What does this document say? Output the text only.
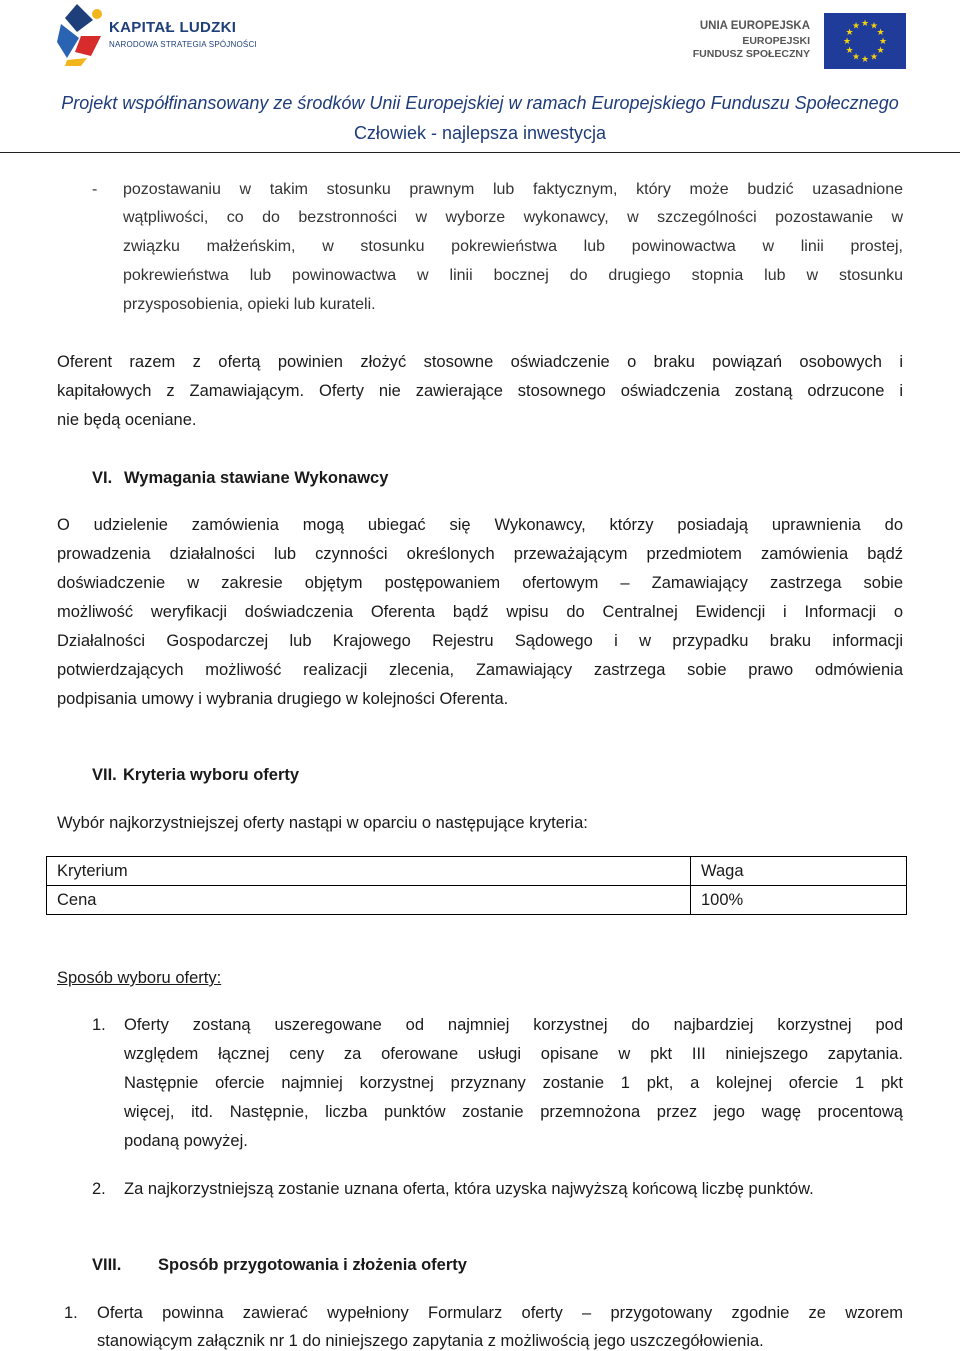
KAPITAŁ LUDZKI
NARODOWA STRATEGIA SPÓJNOŚCI
UNIA EUROPEJSKA
EUROPEJSKI
FUNDUSZ SPOŁECZNY
★ ★
★
★
★
★
★
★
★
★
★
★
Projekt współfinansowany ze środków Unii Europejskiej w ramach Europejskiego Funduszu Społecznego
Człowiek - najlepsza inwestycja
- pozostawaniu w takim stosunku prawnym lub faktycznym, który może budzić uzasadnione
wątpliwości, co do bezstronności w wyborze wykonawcy, w szczególności pozostawanie w
związku małżeńskim, w stosunku pokrewieństwa lub powinowactwa w linii prostej,
pokrewieństwa lub powinowactwa w linii bocznej do drugiego stopnia lub w stosunku
przysposobienia, opieki lub kurateli.
Oferent razem z ofertą powinien złożyć stosowne oświadczenie o braku powiązań osobowych i
kapitałowych z Zamawiającym. Oferty nie zawierające stosownego oświadczenia zostaną odrzucone i
nie będą oceniane.
VI. Wymagania stawiane Wykonawcy
O udzielenie zamówienia mogą ubiegać się Wykonawcy, którzy posiadają uprawnienia do
prowadzenia działalności lub czynności określonych przeważającym przedmiotem zamówienia bądź
doświadczenie w zakresie objętym postępowaniem ofertowym – Zamawiający zastrzega sobie
możliwość weryfikacji doświadczenia Oferenta bądź wpisu do Centralnej Ewidencji i Informacji o
Działalności Gospodarczej lub Krajowego Rejestru Sądowego i w przypadku braku informacji
potwierdzających możliwość realizacji zlecenia, Zamawiający zastrzega sobie prawo odmówienia
podpisania umowy i wybrania drugiego w kolejności Oferenta.
VII. Kryteria wyboru oferty
Wybór najkorzystniejszej oferty nastąpi w oparciu o następujące kryteria:
Kryterium	Waga
Cena	100%
Sposób wyboru oferty:
1. Oferty zostaną uszeregowane od najmniej korzystnej do najbardziej korzystnej pod
względem łącznej ceny za oferowane usługi opisane w pkt III niniejszego zapytania.
Następnie ofercie najmniej korzystnej przyznany zostanie 1 pkt, a kolejnej ofercie 1 pkt
więcej, itd. Następnie, liczba punktów zostanie przemnożona przez jego wagę procentową
podaną powyżej.
2. Za najkorzystniejszą zostanie uznana oferta, która uzyska najwyższą końcową liczbę punktów.
VIII. Sposób przygotowania i złożenia oferty
1. Oferta powinna zawierać wypełniony Formularz oferty – przygotowany zgodnie ze wzorem
stanowiącym załącznik nr 1 do niniejszego zapytania z możliwością jego uszczegółowienia.
